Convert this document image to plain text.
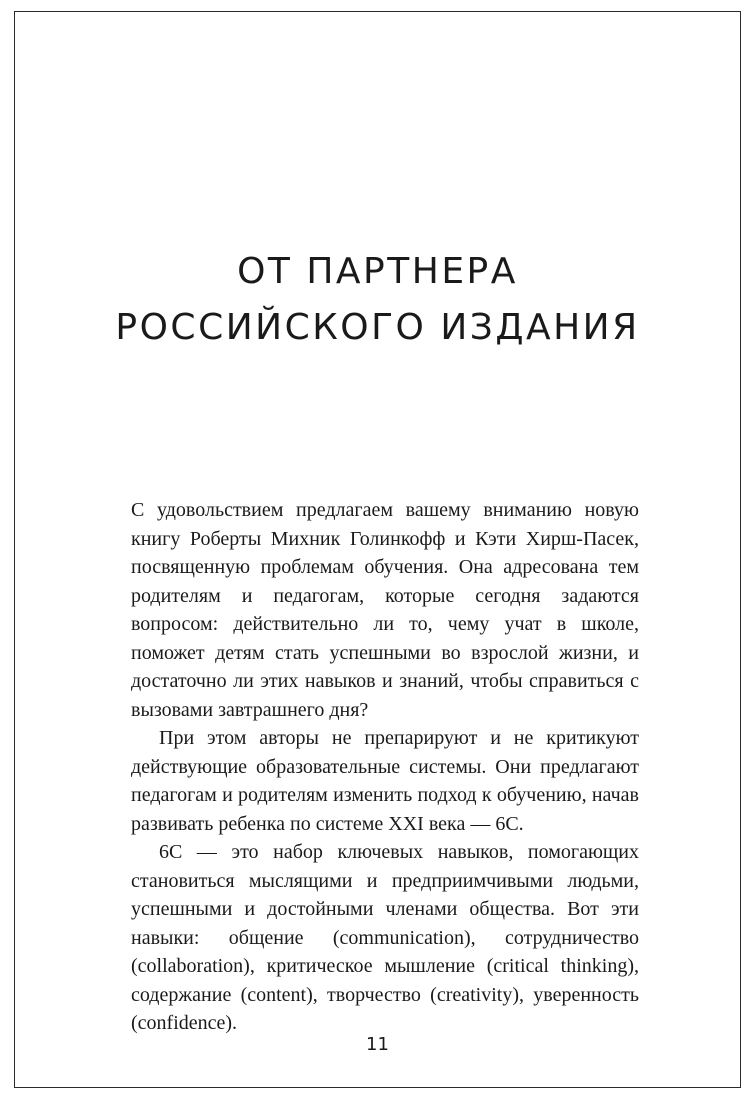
ОТ ПАРТНЕРА
РОССИЙСКОГО ИЗДАНИЯ

С удовольствием предлагаем вашему вниманию новую книгу Роберты Михник Голинкофф и Кэти Хирш-Пасек, посвященную проблемам обучения. Она адресована тем родителям и педагогам, которые сегодня задаются вопросом: действительно ли то, чему учат в школе, поможет детям стать успешными во взрослой жизни, и достаточно ли этих навыков и знаний, чтобы справиться с вызовами завтрашнего дня?

При этом авторы не препарируют и не критикуют действующие образовательные системы. Они предлагают педагогам и родителям изменить подход к обучению, начав развивать ребенка по системе XXI века — 6С.

6С — это набор ключевых навыков, помогающих становиться мыслящими и предприимчивыми людьми, успешными и достойными членами общества. Вот эти навыки: общение (communication), сотрудничество (collaboration), критическое мышление (critical thinking), содержание (content), творчество (creativity), уверенность (confidence).

11
